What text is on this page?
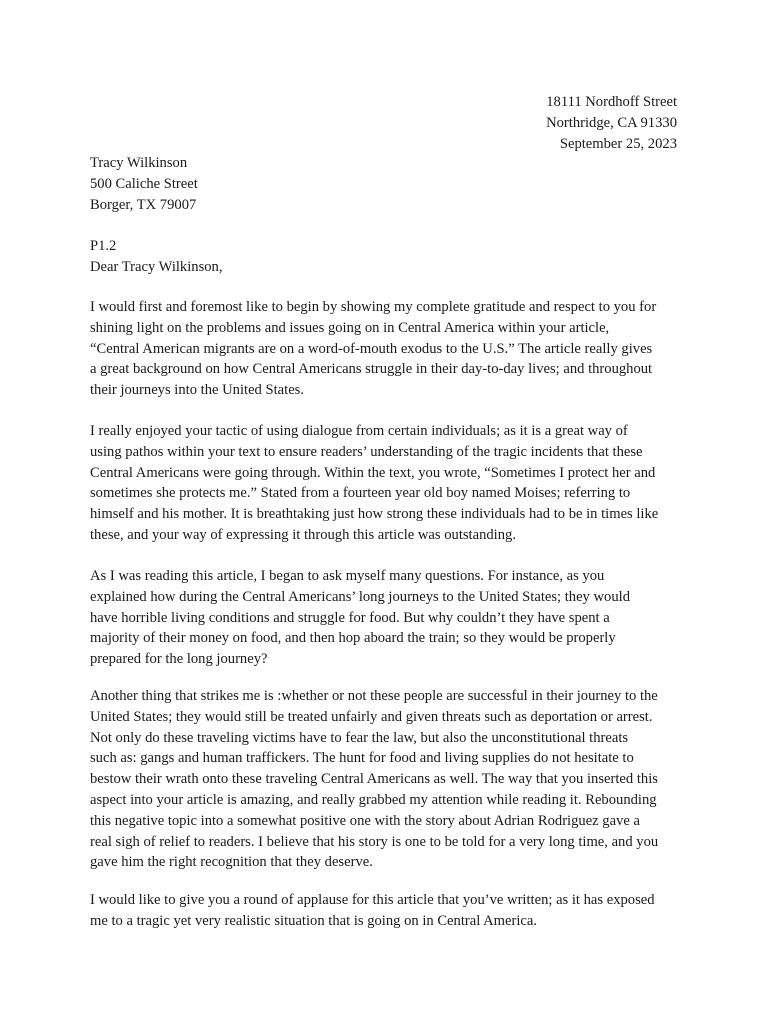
18111 Nordhoff Street
Northridge, CA 91330
September 25, 2023
Tracy Wilkinson
500 Caliche Street
Borger, TX 79007
P1.2
Dear Tracy Wilkinson,
I would first and foremost like to begin by showing my complete gratitude and respect to you for
shining light on the problems and issues going on in Central America within your article,
“Central American migrants are on a word-of-mouth exodus to the U.S.” The article really gives
a great background on how Central Americans struggle in their day-to-day lives; and throughout
their journeys into the United States.
I really enjoyed your tactic of using dialogue from certain individuals; as it is a great way of
using pathos within your text to ensure readers’ understanding of the tragic incidents that these
Central Americans were going through. Within the text, you wrote, “Sometimes I protect her and
sometimes she protects me.” Stated from a fourteen year old boy named Moises; referring to
himself and his mother. It is breathtaking just how strong these individuals had to be in times like
these, and your way of expressing it through this article was outstanding.
As I was reading this article, I began to ask myself many questions. For instance, as you
explained how during the Central Americans’ long journeys to the United States; they would
have horrible living conditions and struggle for food. But why couldn’t they have spent a
majority of their money on food, and then hop aboard the train; so they would be properly
prepared for the long journey?
Another thing that strikes me is :whether or not these people are successful in their journey to the
United States; they would still be treated unfairly and given threats such as deportation or arrest.
Not only do these traveling victims have to fear the law, but also the unconstitutional threats
such as: gangs and human traffickers. The hunt for food and living supplies do not hesitate to
bestow their wrath onto these traveling Central Americans as well. The way that you inserted this
aspect into your article is amazing, and really grabbed my attention while reading it. Rebounding
this negative topic into a somewhat positive one with the story about Adrian Rodriguez gave a
real sigh of relief to readers. I believe that his story is one to be told for a very long time, and you
gave him the right recognition that they deserve.
I would like to give you a round of applause for this article that you’ve written; as it has exposed
me to a tragic yet very realistic situation that is going on in Central America.
